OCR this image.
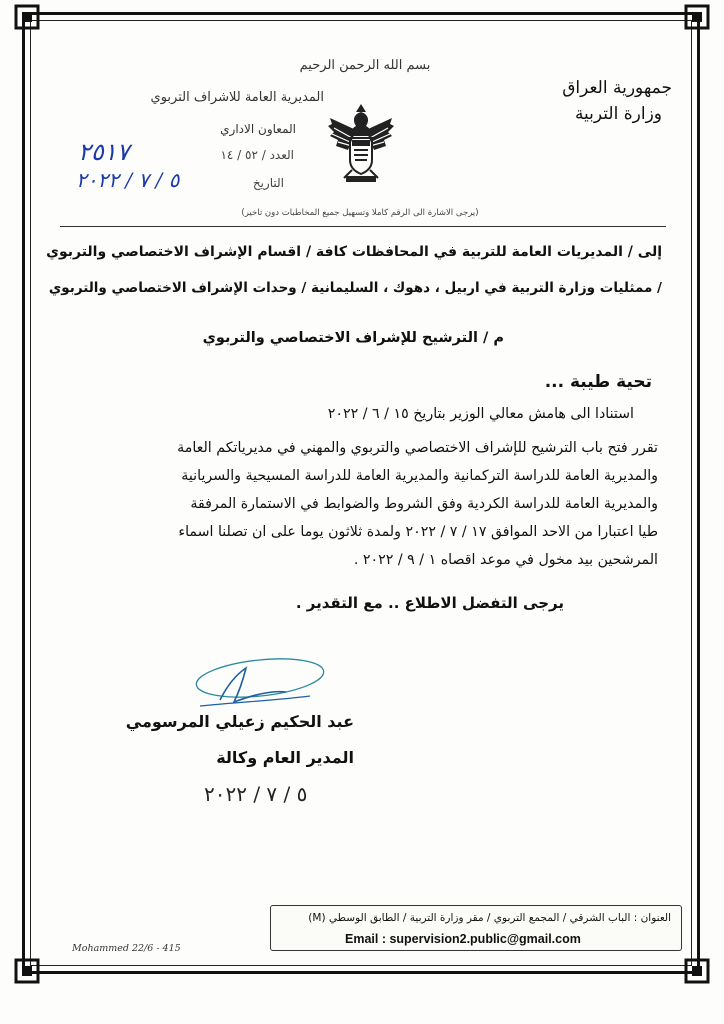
بسم الله الرحمن الرحيم
جمهورية العراق
وزارة التربية
المديرية العامة للاشراف التربوي
المعاون الاداري
العدد / ٥٢ / ١٤
٢٥١٧
التاريخ
٥ / ٧ / ٢٠٢٢
(يرجى الاشارة الى الرقم كاملا وتسهيل جميع المخاطبات دون تاخير)
إلى / المديريات العامة للتربية في المحافظات كافة / اقسام الإشراف الاختصاصي والتربوي
/ ممثليات وزارة التربية في اربيل ، دهوك ، السليمانية / وحدات الإشراف الاختصاصي والتربوي
م / الترشيح للإشراف الاختصاصي والتربوي
تحية طيبة ...
استنادا الى هامش معالي الوزير بتاريخ ١٥ / ٦ / ٢٠٢٢
تقرر فتح باب الترشيح للإشراف الاختصاصي والتربوي والمهني في مديرياتكم العامة
والمديرية العامة للدراسة التركمانية والمديرية العامة للدراسة المسيحية والسريانية
والمديرية العامة للدراسة الكردية وفق الشروط والضوابط في الاستمارة المرفقة
طيا اعتبارا من الاحد الموافق ١٧ / ٧ / ٢٠٢٢ ولمدة ثلاثون يوما على ان تصلنا اسماء
المرشحين بيد مخول في موعد اقصاه ١ / ٩ / ٢٠٢٢ .
يرجى التفضل الاطلاع .. مع التقدير .
عبد الحكيم زعيلي المرسومي
المدير العام وكالة
٥ / ٧ / ٢٠٢٢
العنوان : الباب الشرقي / المجمع التربوي / مقر وزارة التربية / الطابق الوسطي (M)
Email : supervision2.public@gmail.com
Mohammed 22/6 - 415
